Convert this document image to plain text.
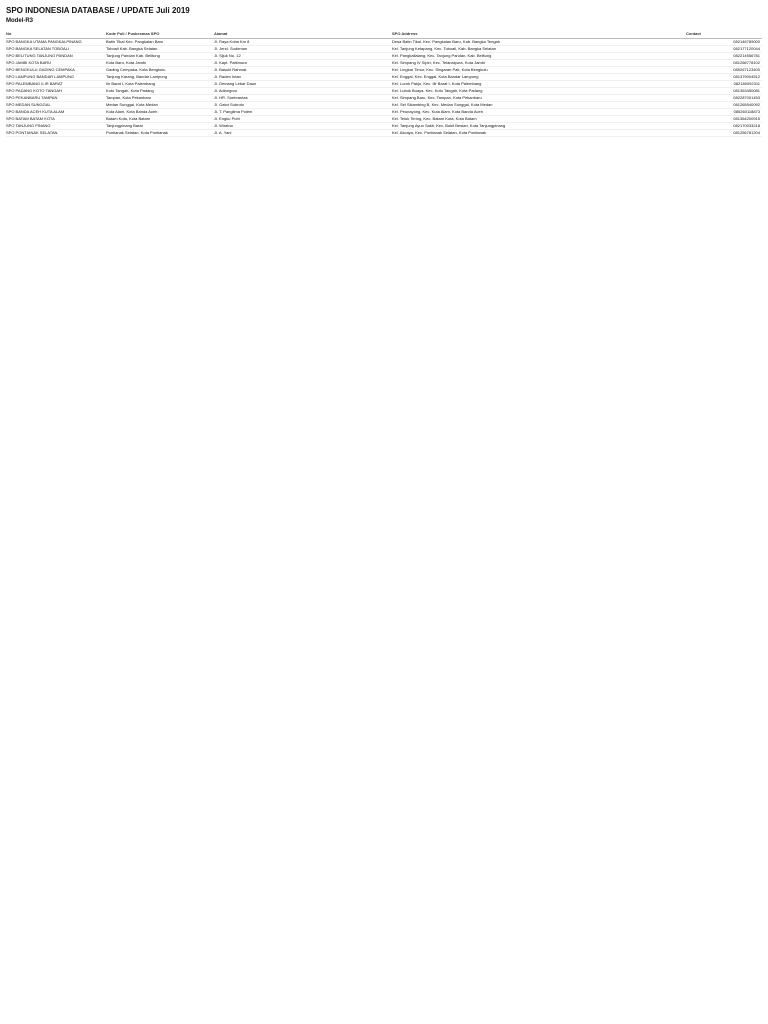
SPO INDONESIA DATABASE / UPDATE Juli 2019
Model-R3
No	Kode Poli / Puskesmas SPO	Alamat	SPO Address	Contact
SPO BANGKA UTAMA PANGKALPINANG	Batin Tikal Kec. Pangkalan Baru	Jl. Raya Koba Km 8	Desa Batin Tikal, Kec. Pangkalan Baru, Kab. Bangka Tengah	082146789000
SPO BANGKA SELATAN TOBOALI	Toboali Kab. Bangka Selatan	Jl. Jend. Sudirman	Kel. Tanjung Ketapang, Kec. Toboali, Kab. Bangka Selatan	082177120044
SPO BELITUNG TANJUNG PANDAN	Tanjung Pandan Kab. Belitung	Jl. Sijuk No. 12	Kel. Pangkallalang, Kec. Tanjung Pandan, Kab. Belitung	082214556781
SPO JAMBI KOTA BARU	Kota Baru, Kota Jambi	Jl. Kapt. Pattimura	Kel. Simpang IV Sipin, Kec. Telanaipura, Kota Jambi	081266778102
SPO BENGKULU GADING CEMPAKA	Gading Cempaka, Kota Bengkulu	Jl. Basuki Rahmat	Kel. Lingkar Timur, Kec. Singaran Pati, Kota Bengkulu	085267123400
SPO LAMPUNG BANDAR LAMPUNG	Tanjung Karang, Bandar Lampung	Jl. Raden Intan	Kel. Enggal, Kec. Enggal, Kota Bandar Lampung	081379004512
SPO PALEMBANG ILIR BARAT	Ilir Barat I, Kota Palembang	Jl. Demang Lebar Daun	Kel. Lorok Pakjo, Kec. Ilir Barat I, Kota Palembang	082180092311
SPO PADANG KOTO TANGAH	Koto Tangah, Kota Padang	Jl. Adinegoro	Kel. Lubuk Buaya, Kec. Koto Tangah, Kota Padang	081363450081
SPO PEKANBARU TAMPAN	Tampan, Kota Pekanbaru	Jl. HR. Soebrantas	Kel. Simpang Baru, Kec. Tampan, Kota Pekanbaru	082287001453
SPO MEDAN SUNGGAL	Medan Sunggal, Kota Medan	Jl. Gatot Subroto	Kel. Sei Sikambing B, Kec. Medan Sunggal, Kota Medan	081265540092
SPO BANDA ACEH KUTA ALAM	Kuta Alam, Kota Banda Aceh	Jl. T. Panglima Polem	Kel. Peunayong, Kec. Kuta Alam, Kota Banda Aceh	085260118873
SPO BATAM BATAM KOTA	Batam Kota, Kota Batam	Jl. Engku Putri	Kel. Teluk Tering, Kec. Batam Kota, Kota Batam	081364200915
SPO TANJUNG PINANG	Tanjungpinang Barat	Jl. Wiratno	Kel. Tanjung Ayun Sakti, Kec. Bukit Bestari, Kota Tanjungpinang	082170033218
SPO PONTIANAK SELATAN	Pontianak Selatan, Kota Pontianak	Jl. A. Yani	Kel. Akcaya, Kec. Pontianak Selatan, Kota Pontianak	081256781204
